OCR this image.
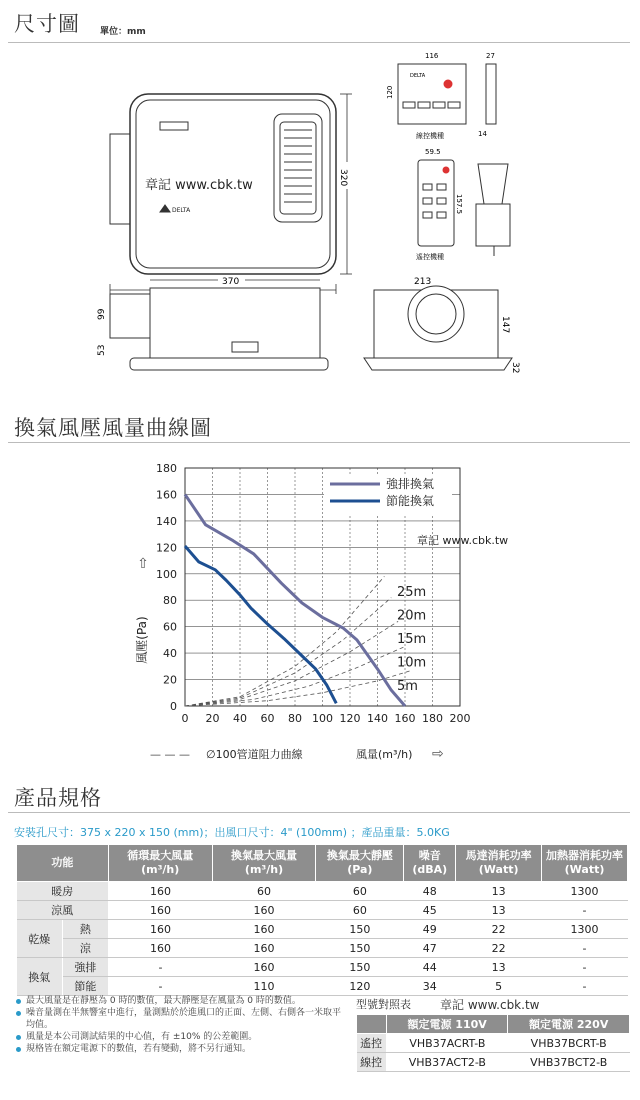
尺寸圖 單位：mm
章記 www.cbk.tw
DELTA
320
DELTA
116	27
120
14
線控機種
59.5
157.5
遙控機種
370
99
53
213
147
32
換氣風壓風量曲線圖
0 20 40 60 80 100 120 140 160 180 200
0
20
40
60
80
100
120
140
160
180
25m
20m
15m
10m
5m
強排換氣
節能換氣
章記 www.cbk.tw
風壓(Pa)
⇧
— — — ∅100管道阻力曲線	風量(m³/h) ⇨
產品規格
安裝孔尺寸：375 x 220 x 150 (mm)；出風口尺寸：4" (100mm) ；產品重量：5.0KG
功能		循環最大風量
(m³/h)	換氣最大風量
(m³/h)	換氣最大靜壓
(Pa)	噪音
(dBA)	馬達消耗功率
(Watt)	加熱器消耗功率
(Watt)
暖房		160	60	60	48	13	1300
涼風		160	160	60	45	13	-
乾燥	熱	160	160	150	49	22	1300
	涼	160	160	150	47	22	-
換氣	強排	-	160	150	44	13	-
	節能	-	110	120	34	5	-
最大風量是在靜壓為 0 時的數值，最大靜壓是在風量為 0 時的數值。
噪音量測在半無響室中進行，量測點於於進風口的正面、左側、右側各一米取平均值。
風量是本公司測試結果的中心值，有 ±10% 的公差範圍。
規格皆在額定電源下的數值，若有變動，將不另行通知。
型號對照表 章記 www.cbk.tw
	額定電源 110V	額定電源 220V
遙控	VHB37ACRT-B	VHB37BCRT-B
線控	VHB37ACT2-B	VHB37BCT2-B
